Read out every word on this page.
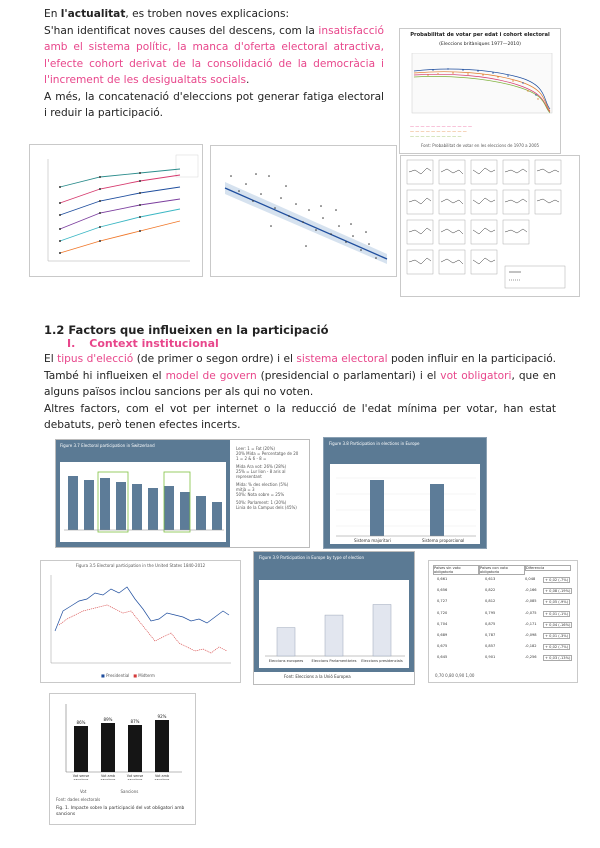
En l'actualitat, es troben noves explicacions:
S'han identificat noves causes del descens, com la insatisfacció amb el sistema polític, la manca d'oferta electoral atractiva, l'efecte cohort derivat de la consolidació de la democràcia i l'increment de les desigualtats socials.
A més, la concatenació d'eleccions pot generar fatiga electoral i reduir la participació.
Probabilitat de votar per edat i cohort electoral
(Eleccions britàniques 1977—2010)
— — — — — — — — — — — —
— — — — — — — — — — —
— — — — — — — — — —
Font: Probabilitat de votar en les eleccions de 1970 a 2005
1.2 Factors que influeixen en la participació
I. Context institucional
El tipus d'elecció (de primer o segon ordre) i el sistema electoral poden influir en la participació. També hi influeixen el model de govern (presidencial o parlamentari) i el vot obligatori, que en alguns països inclou sancions per als qui no voten.
Altres factors, com el vot per internet o la reducció de l'edat mínima per votar, han estat debatuts, però tenen efectes incerts.
Figure 3.7 Electoral participation in Switzerland
Leer: 1 = Fat (20%)
20% Mida = Percentatge de 20
1 = 2 & 6 - 8 =
Mida Ara vot: 26% (28%)
25% = Lur lion - 8 aris al
representant
Mida: % des election (5%)
mitjà = 3
50%: Nota sobre = 25%
50%: Parlament: 1 (20%)
Linia de la Campus dels (45%)
Figure 3.8 Participation in elections in Europe
Sistema majoritari	Sistema proporcional
Figura 3.5 Electoral participation in the United States 1840-2012
■ Presidential ■ Midterm
Figure 3.9 Participation in Europe by type of election
Eleccions europees Eleccions Parlamentàries Eleccions presidencials
Font: Eleccions a la Unió Europea
Países sin voto obligatorio
Países con voto obligatorio
Diferencia
0,661	0,613	0,048	+ 0,02 (-7%)
0,656	0,822	-0,166	+ 0,08 (-19%)
0,727	0,812	-0,085	+ 0,05 (-9%)
0,720	0,795	-0,075	+ 0,01 (-1%)
0,704	0,875	-0,171	+ 0,04 (-16%)
0,689	0,787	-0,098	+ 0,01 (-3%)
0,675	0,857	-0,182	+ 0,02 (-7%)
0,645	0,901	-0,256	+ 0,03 (-13%)
0,70 0,80 0,90 1,00
86%
Vot sense
sancions
89%
Vot amb
sancions
87%
Vot sense
sancions
92%
Vot amb
sancions
Vot	Sancions
Font: dades electorals
Fig. 1. Impacte sobre la participació del vot obligatori amb sancions
